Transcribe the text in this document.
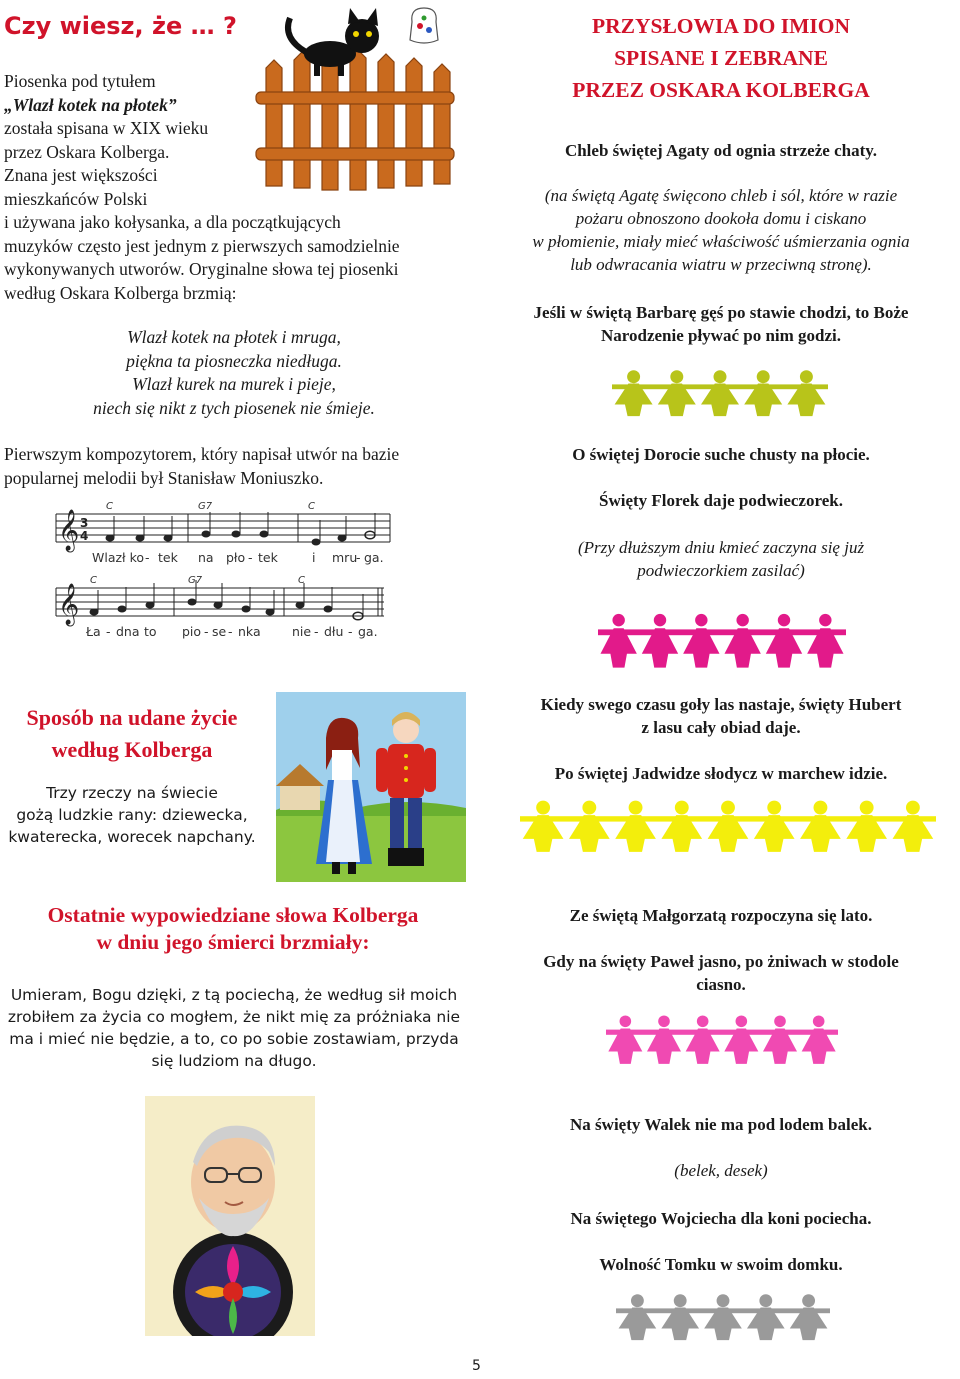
Czy wiesz, że … ?
Piosenka pod tytułem
„Wlazł kotek na płotek”
została spisana w XIX wieku
przez Oskara Kolberga.
Znana jest większości
mieszkańców Polski
i używana jako kołysanka, a dla początkujących
muzyków często jest jednym z pierwszych samodzielnie
wykonywanych utworów. Oryginalne słowa tej piosenki
według Oskara Kolberga brzmią:
Wlazł kotek na płotek i mruga,
piękna ta piosneczka niedługa.
Wlazł kurek na murek i pieje,
niech się nikt z tych piosenek nie śmieje.
Pierwszym kompozytorem, który napisał utwór na bazie
popularnej melodii był Stanisław Moniuszko.
𝄞 3
4
C	G7	C
Wlazł ko - tek na pło - tek	i mru
- ga.
𝄞
C	G7	C
Ła - dna to pio - se - nka	nie - dłu - ga.
Sposób na udane życie
według Kolberga
Trzy rzeczy na świecie
gożą ludzkie rany: dziewecka,
kwaterecka, worecek napchany.
Ostatnie wypowiedziane słowa Kolberga
w dniu jego śmierci brzmiały:
Umieram, Bogu dzięki, z tą pociechą, że według sił moich
zrobiłem za życia co mogłem, że nikt mię za próżniaka nie
ma i mieć nie będzie, a to, co po sobie zostawiam, przyda
się ludziom na długo.
PRZYSŁOWIA DO IMION
SPISANE I ZEBRANE
PRZEZ OSKARA KOLBERGA
Chleb świętej Agaty od ognia strzeże chaty.
(na świętą Agatę święcono chleb i sól, które w razie
pożaru obnoszono dookoła domu i ciskano
w płomienie, miały mieć właściwość uśmierzania ognia
lub odwracania wiatru w przeciwną stronę).
Jeśli w świętą Barbarę gęś po stawie chodzi, to Boże
Narodzenie pływać po nim godzi.
O świętej Dorocie suche chusty na płocie.
Święty Florek daje podwieczorek.
(Przy dłuższym dniu kmieć zaczyna się już
podwieczorkiem zasilać)
Kiedy swego czasu goły las nastaje, święty Hubert
z lasu cały obiad daje.
Po świętej Jadwidze słodycz w marchew idzie.
Ze świętą Małgorzatą rozpoczyna się lato.
Gdy na święty Paweł jasno, po żniwach w stodole
ciasno.
Na święty Walek nie ma pod lodem balek.
(belek, desek)
Na świętego Wojciecha dla koni pociecha.
Wolność Tomku w swoim domku.
5
